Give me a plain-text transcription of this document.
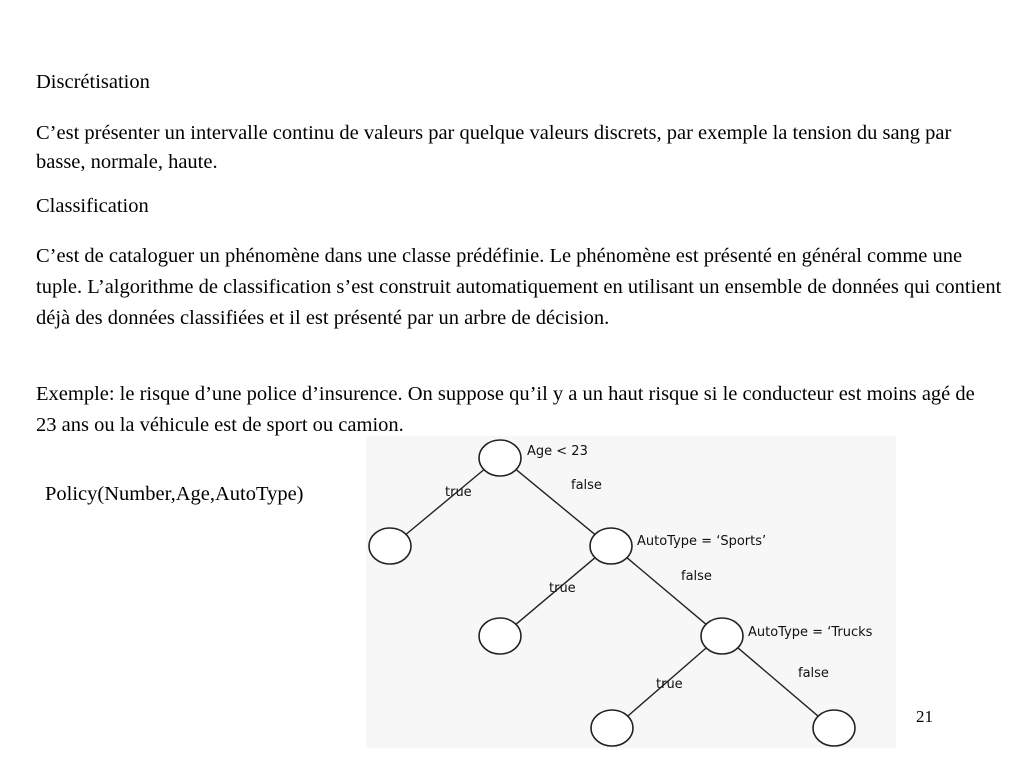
Discrétisation
C’est présenter un intervalle continu de valeurs par quelque valeurs discrets, par exemple la tension du sang par basse, normale, haute.
Classification
C’est de cataloguer un phénomène dans une classe prédéfinie. Le phénomène est présenté en général comme une tuple. L’algorithme de classification s’est construit automatiquement en utilisant un ensemble de données qui contient déjà des données classifiées et il est présenté par un arbre de décision.
Exemple: le risque d’une police d’insurence. On suppose qu’il y a un haut risque si le conducteur est moins agé de 23 ans ou la véhicule est de sport ou camion.
Policy(Number,Age,AutoType)	true	false
true
false
true
false
Age < 23
AutoType = ‘Sports’
AutoType = ‘Trucks
21
